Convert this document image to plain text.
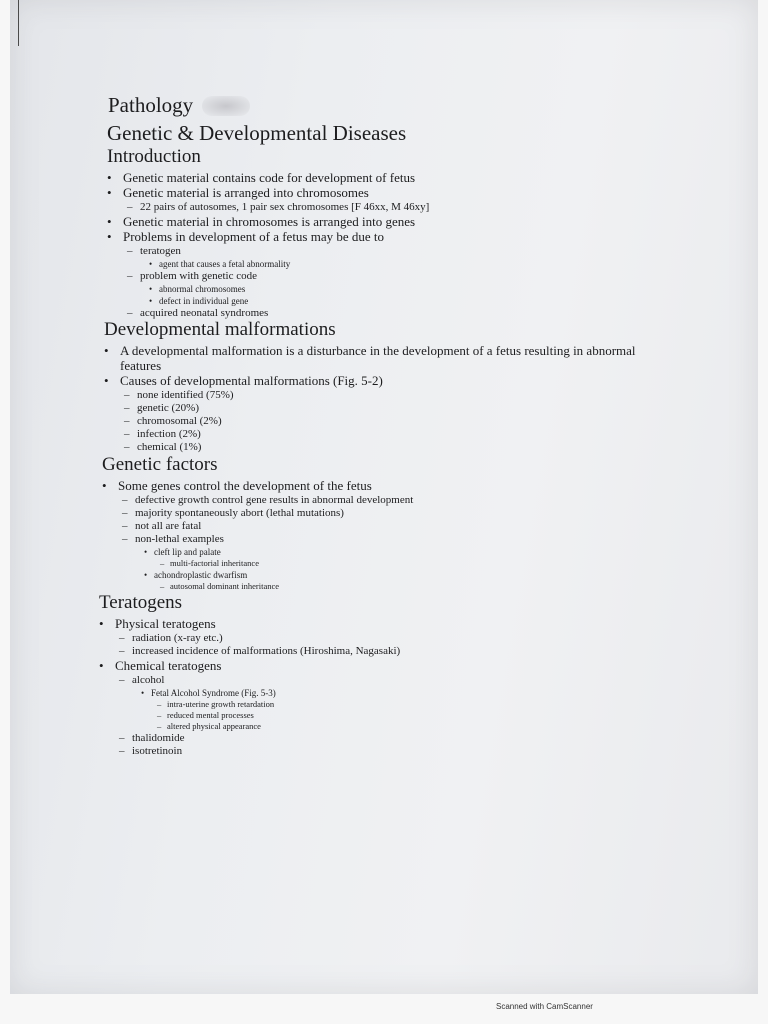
Pathology
Genetic & Developmental Diseases
Introduction
• Genetic material contains code for development of fetus
• Genetic material is arranged into chromosomes
– 22 pairs of autosomes, 1 pair sex chromosomes [F 46xx, M 46xy]
• Genetic material in chromosomes is arranged into genes
• Problems in development of a fetus may be due to
– teratogen
• agent that causes a fetal abnormality
– problem with genetic code
• abnormal chromosomes
• defect in individual gene
– acquired neonatal syndromes
Developmental malformations
• A developmental malformation is a disturbance in the development of a fetus resulting in abnormal features
• Causes of developmental malformations (Fig. 5-2)
– none identified (75%)
– genetic (20%)
– chromosomal (2%)
– infection (2%)
– chemical (1%)
Genetic factors
• Some genes control the development of the fetus
– defective growth control gene results in abnormal development
– majority spontaneously abort (lethal mutations)
– not all are fatal
– non-lethal examples
• cleft lip and palate
– multi-factorial inheritance
• achondroplastic dwarfism
– autosomal dominant inheritance
Teratogens
• Physical teratogens
– radiation (x-ray etc.)
– increased incidence of malformations (Hiroshima, Nagasaki)
• Chemical teratogens
– alcohol
• Fetal Alcohol Syndrome (Fig. 5-3)
– intra-uterine growth retardation
– reduced mental processes
– altered physical appearance
– thalidomide
– isotretinoin
Scanned with CamScanner
